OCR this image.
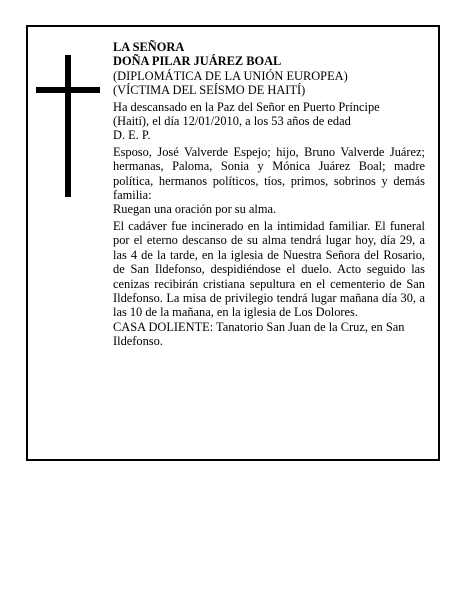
LA SEÑORA
DOÑA PILAR JUÁREZ BOAL
(DIPLOMÁTICA DE LA UNIÓN EUROPEA)
(VÍCTIMA DEL SEÍSMO DE HAITÍ)
Ha descansado en la Paz del Señor en Puerto Príncipe
(Haití), el día 12/01/2010, a los 53 años de edad
D. E. P.
Esposo, José Valverde Espejo; hijo, Bruno Valverde Juárez; hermanas, Paloma, Sonia y Mónica Juárez Boal; madre política, hermanos políticos, tíos, primos, sobrinos y demás familia:
Ruegan una oración por su alma.
El cadáver fue incinerado en la intimidad familiar. El funeral por el eterno descanso de su alma tendrá lugar hoy, día 29, a las 4 de la tarde, en la iglesia de Nuestra Señora del Rosario, de San Ildefonso, despidiéndose el duelo. Acto seguido las cenizas recibirán cristiana sepultura en el cementerio de San Ildefonso. La misa de privilegio tendrá lugar mañana día 30, a las 10 de la mañana, en la iglesia de Los Dolores.
CASA DOLIENTE: Tanatorio San Juan de la Cruz, en San Ildefonso.
